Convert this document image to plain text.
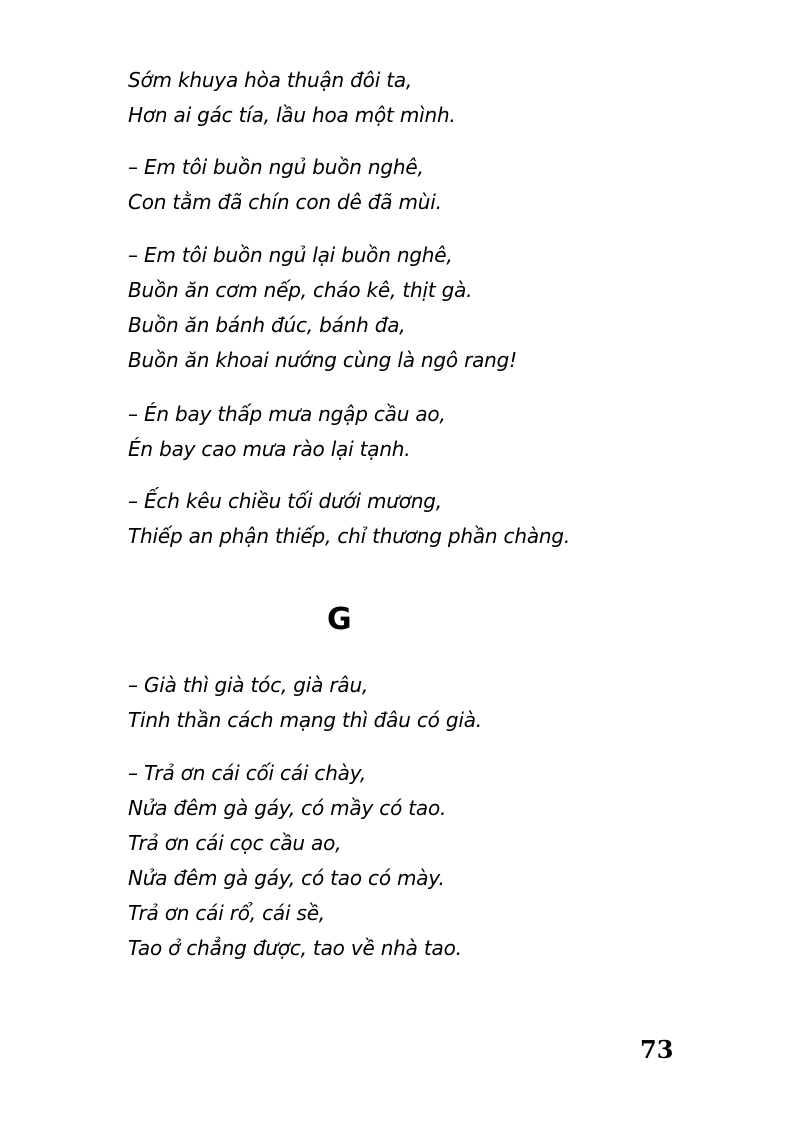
Sớm khuya hòa thuận đôi ta,
Hơn ai gác tía, lầu hoa một mình.

– Em tôi buồn ngủ buồn nghê,
Con tằm đã chín con dê đã mùi.

– Em tôi buồn ngủ lại buồn nghê,
Buồn ăn cơm nếp, cháo kê, thịt gà.
Buồn ăn bánh đúc, bánh đa,
Buồn ăn khoai nướng cùng là ngô rang!

– Én bay thấp mưa ngập cầu ao,
Én bay cao mưa rào lại tạnh.

– Ếch kêu chiều tối dưới mương,
Thiếp an phận thiếp, chỉ thương phần chàng.

G

– Già thì già tóc, già râu,
Tinh thần cách mạng thì đâu có già.

– Trả ơn cái cối cái chày,
Nửa đêm gà gáy, có mầy có tao.
Trả ơn cái cọc cầu ao,
Nửa đêm gà gáy, có tao có mày.
Trả ơn cái rổ, cái sề,
Tao ở chẳng được, tao về nhà tao.

73
